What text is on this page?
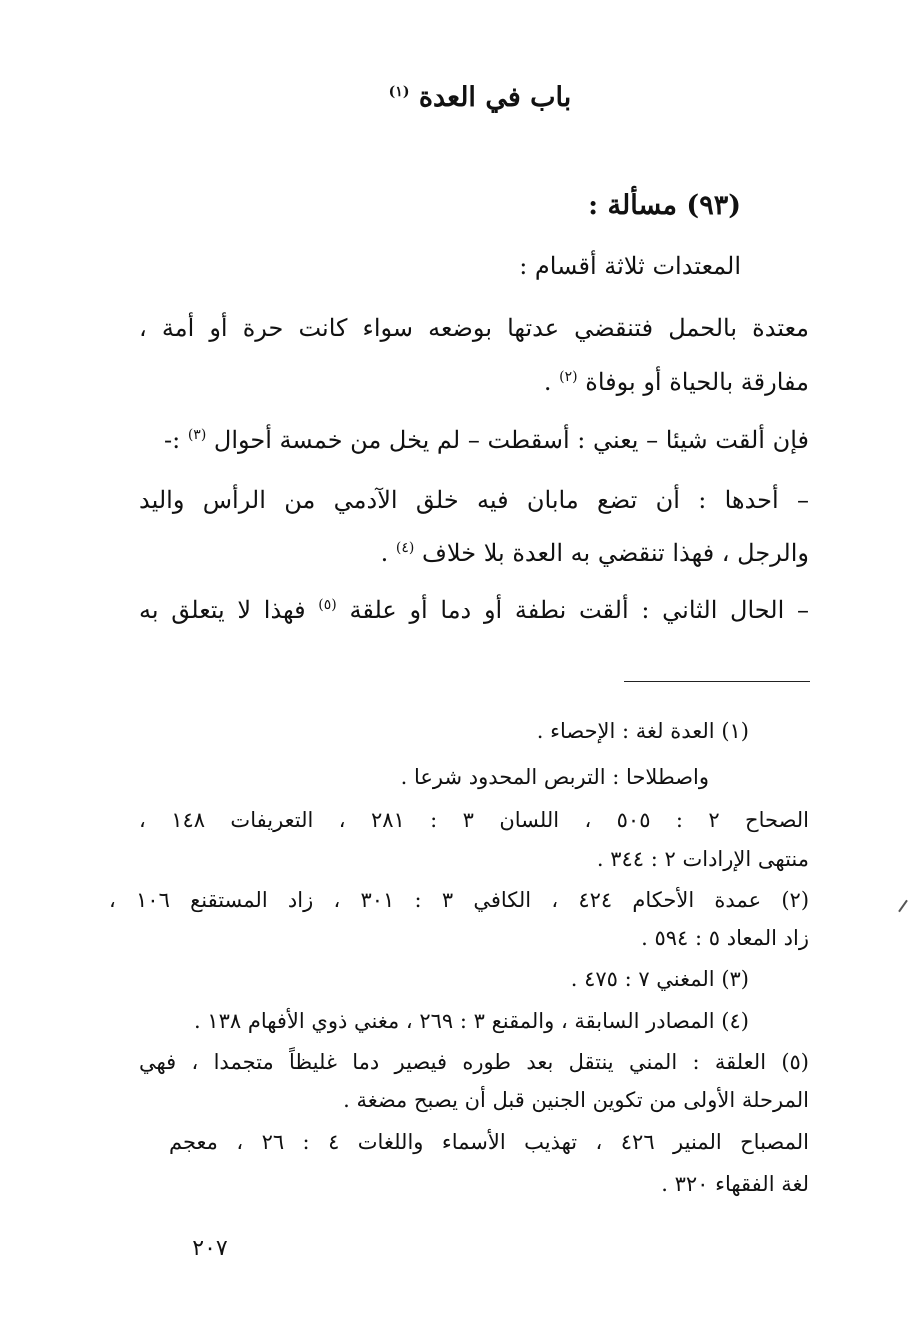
باب في العدة $^{(١)}$
(٩٣) مسألة :
المعتدات ثلاثة أقسام :
معتدة بالحمل فتنقضي عدتها بوضعه سواء كانت حرة أو أمة ،
مفارقة بالحياة أو بوفاة $^{(٢)}$ .
فإن ألقت شيئا – يعني : أسقطت – لم يخل من خمسة أحوال $^{(٣)}$ :-
– أحدها : أن تضع مابان فيه خلق الآدمي من الرأس واليد
والرجل ، فهذا تنقضي به العدة بلا خلاف $^{(٤)}$ .
– الحال الثاني : ألقت نطفة أو دما أو علقة $^{(٥)}$ فهذا لا يتعلق به
(١) العدة لغة : الإحصاء .
واصطلاحا : التربص المحدود شرعا .
الصحاح ٢ : ٥٠٥ ، اللسان ٣ : ٢٨١ ، التعريفات ١٤٨ ،
منتهى الإرادات ٢ : ٣٤٤ .
(٢) عمدة الأحكام ٤٢٤ ، الكافي ٣ : ٣٠١ ، زاد المستقنع ١٠٦ ،
زاد المعاد ٥ : ٥٩٤ .
(٣) المغني ٧ : ٤٧٥ .
(٤) المصادر السابقة ، والمقنع ٣ : ٢٦٩ ، مغني ذوي الأفهام ١٣٨ .
(٥) العلقة : المني ينتقل بعد طوره فيصير دما غليظاً متجمدا ، فهي
المرحلة الأولى من تكوين الجنين قبل أن يصبح مضغة .
المصباح المنير ٤٢٦ ، تهذيب الأسماء واللغات ٤ : ٢٦ ، معجم
لغة الفقهاء ٣٢٠ .
٢٠٧
